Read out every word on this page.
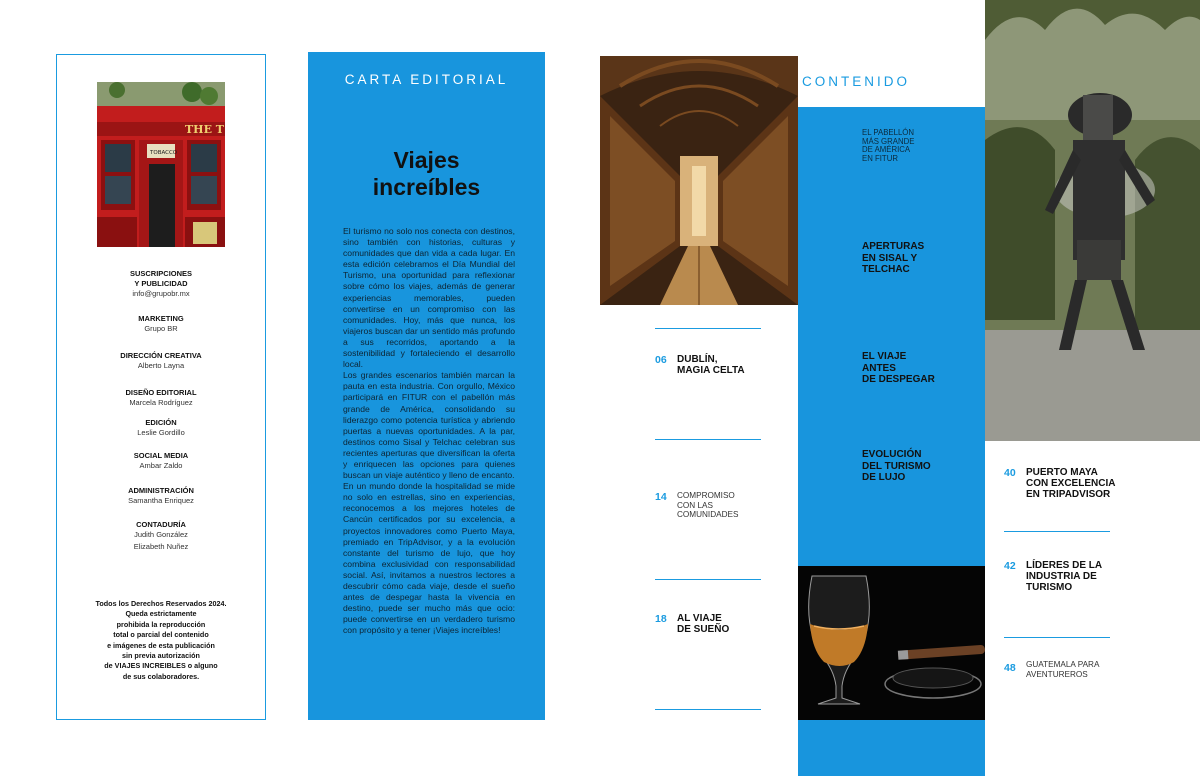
THE T
TOBACCO
SUSCRIPCIONES
Y PUBLICIDAD
info@grupobr.mx
MARKETING
Grupo BR
DIRECCIÓN CREATIVA
Alberto Layna
DISEÑO EDITORIAL
Marcela Rodríguez
EDICIÓN
Leslie Gordillo
SOCIAL MEDIA
Ambar Zaldo
ADMINISTRACIÓN
Samantha Enriquez
CONTADURÍA
Judith González
Elizabeth Nuñez
Todos los Derechos Reservados 2024.
Queda estrictamente
prohibida la reproducción
total o parcial del contenido
e imágenes de esta publicación
sin previa autorización
de VIAJES INCREIBLES o alguno
de sus colaboradores.
CARTA EDITORIAL
Viajes
increíbles

El turismo no solo nos conecta con destinos, sino también con historias, culturas y comunidades que dan vida a cada lugar. En esta edición celebramos el Día Mundial del Turismo, una oportunidad para reflexionar sobre cómo los viajes, además de generar experiencias memorables, pueden convertirse en un compromiso con las comunidades. Hoy, más que nunca, los viajeros buscan dar un sentido más profundo a sus recorridos, aportando a la sostenibilidad y fortaleciendo el desarrollo local.

Los grandes escenarios también marcan la pauta en esta industria. Con orgullo, México participará en FITUR con el pabellón más grande de América, consolidando su liderazgo como potencia turística y abriendo puertas a nuevas oportunidades. A la par, destinos como Sisal y Telchac celebran sus recientes aperturas que diversifican la oferta y enriquecen las opciones para quienes buscan un viaje auténtico y lleno de encanto.

En un mundo donde la hospitalidad se mide no solo en estrellas, sino en experiencias, reconocemos a los mejores hoteles de Cancún certificados por su excelencia, a proyectos innovadores como Puerto Maya, premiado en TripAdvisor, y a la evolución constante del turismo de lujo, que hoy combina exclusividad con responsabilidad social. Así, invitamos a nuestros lectores a descubrir cómo cada viaje, desde el sueño antes de despegar hasta la vivencia en destino, puede ser mucho más que ocio: puede convertirse en un verdadero turismo con propósito y a tener ¡Viajes increíbles!

CONTENIDO
06 DUBLÍN,
MAGIA CELTA
14 COMPROMISO
CON LAS
COMUNIDADES
18 AL VIAJE
DE SUEÑO
EL PABELLÓN
MÁS GRANDE
DE AMÉRICA
EN FITUR
APERTURAS
EN SISAL Y
TELCHAC
EL VIAJE
ANTES
DE DESPEGAR
EVOLUCIÓN
DEL TURISMO
DE LUJO	40 PUERTO MAYA
CON EXCELENCIA
EN TRIPADVISOR
42 LÍDERES DE LA
INDUSTRIA DE
TURISMO
48 GUATEMALA PARA
AVENTUREROS
